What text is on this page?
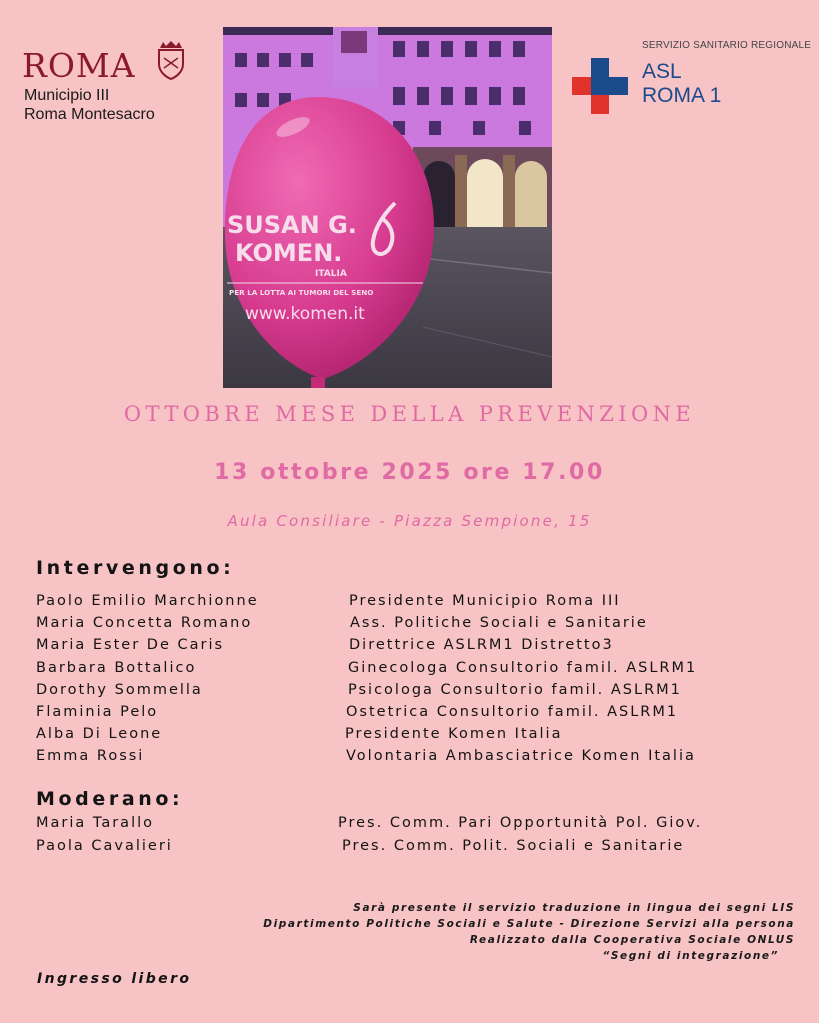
ROMA
Municipio III
Roma Montesacro
SERVIZIO SANITARIO REGIONALE
ASL
ROMA 1
SUSAN G.
KOMEN.
ITALIA
PER LA LOTTA AI TUMORI DEL SENO
www.komen.it
OTTOBRE MESE DELLA PREVENZIONE
13 ottobre 2025 ore 17.00
Aula Consiliare - Piazza Sempione, 15
Intervengono:
Paolo Emilio Marchionne	Presidente Municipio Roma III
Maria Concetta Romano	Ass. Politiche Sociali e Sanitarie
Maria Ester De Caris	Direttrice ASLRM1 Distretto3
Barbara Bottalico	Ginecologa Consultorio famil. ASLRM1
Dorothy Sommella	Psicologa Consultorio famil. ASLRM1
Flaminia Pelo	Ostetrica Consultorio famil. ASLRM1
Alba Di Leone	Presidente Komen Italia
Emma Rossi	Volontaria Ambasciatrice Komen Italia
Moderano:
Maria Tarallo	Pres. Comm. Pari Opportunità Pol. Giov.
Paola Cavalieri	Pres. Comm. Polit. Sociali e Sanitarie
Sarà presente il servizio traduzione in lingua dei segni LIS
Dipartimento Politiche Sociali e Salute - Direzione Servizi alla persona
Realizzato dalla Cooperativa Sociale ONLUS
“Segni di integrazione”
Ingresso libero
